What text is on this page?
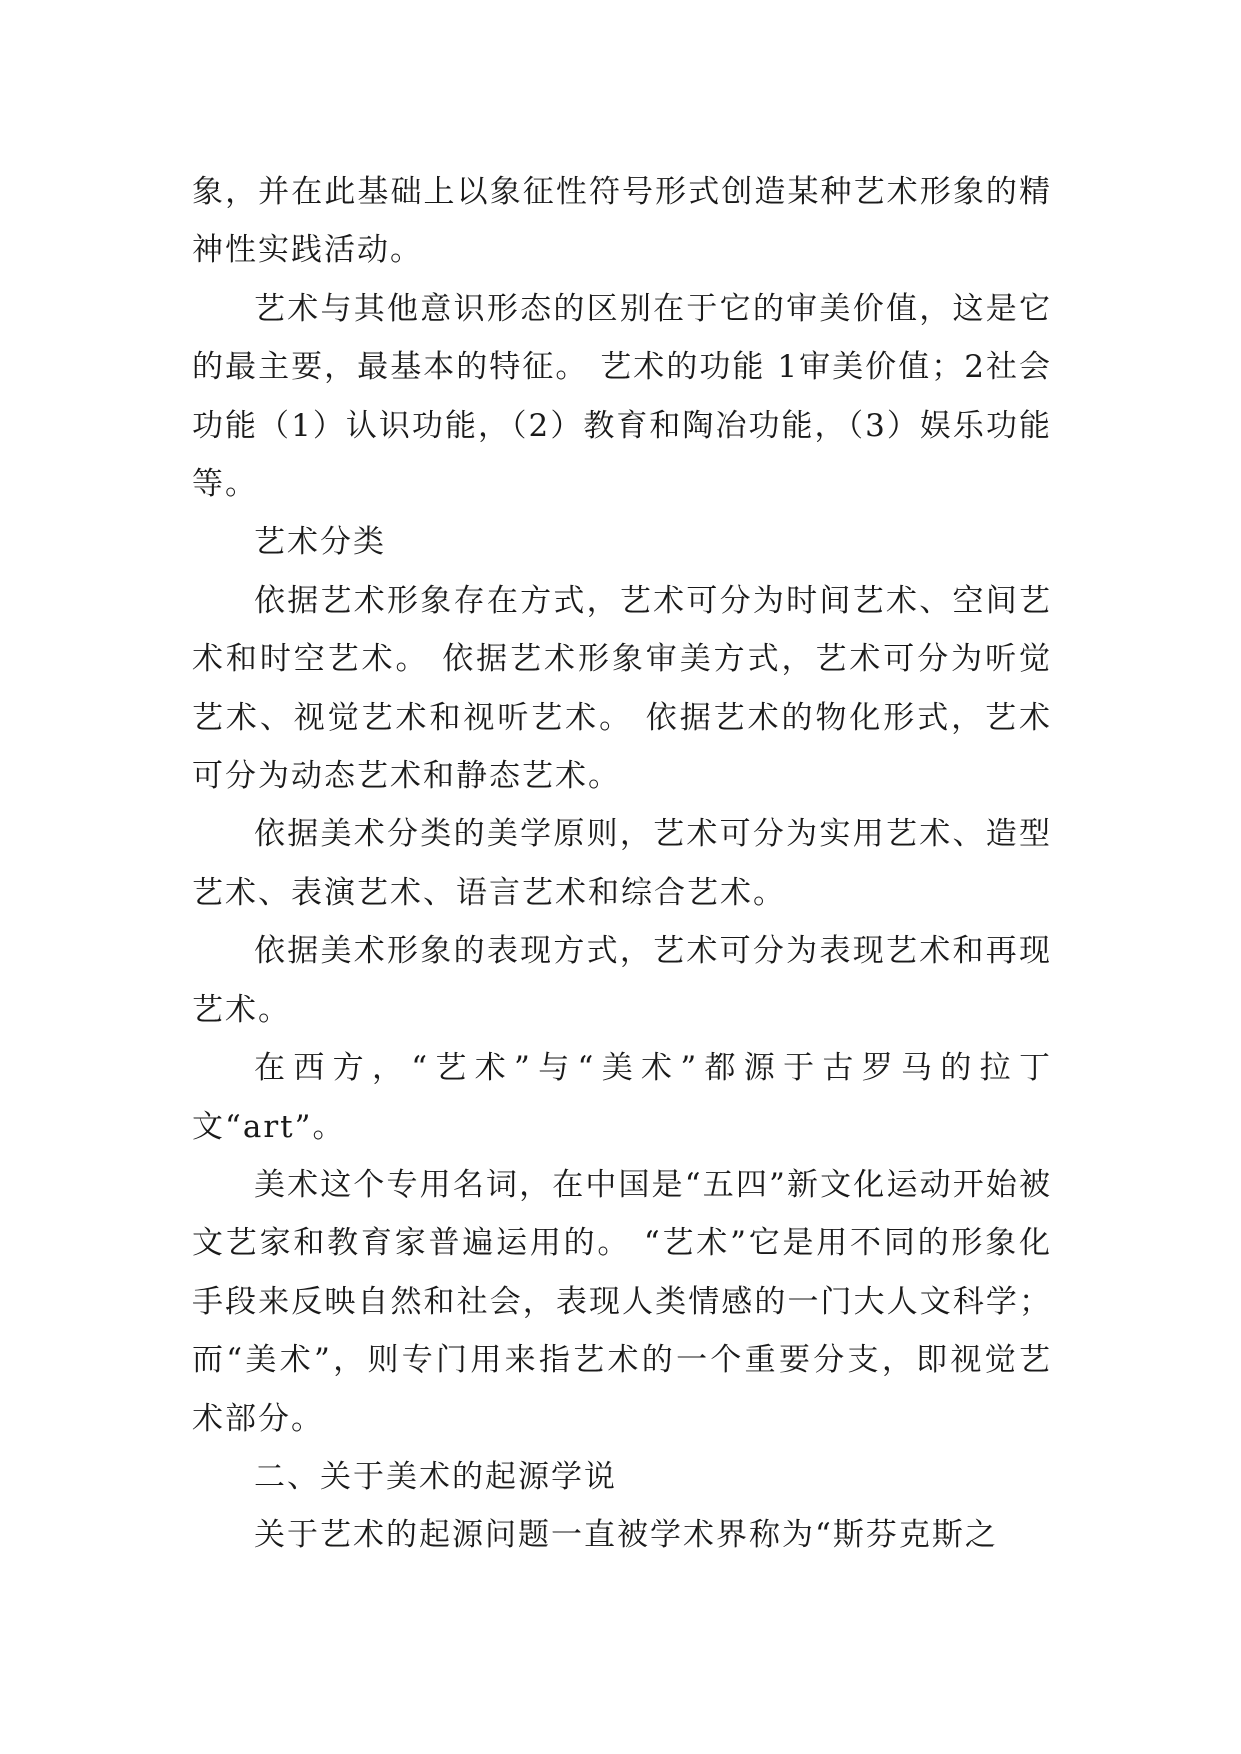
象，并在此基础上以象征性符号形式创造某种艺术形象的精神性实践活动。

艺术与其他意识形态的区别在于它的审美价值，这是它的最主要，最基本的特征。 艺术的功能 1审美价值；2社会功能（1）认识功能，（2）教育和陶冶功能，（3）娱乐功能等。

艺术分类

依据艺术形象存在方式，艺术可分为时间艺术、空间艺术和时空艺术。 依据艺术形象审美方式，艺术可分为听觉艺术、视觉艺术和视听艺术。 依据艺术的物化形式，艺术可分为动态艺术和静态艺术。

依据美术分类的美学原则，艺术可分为实用艺术、造型艺术、表演艺术、语言艺术和综合艺术。

依据美术形象的表现方式，艺术可分为表现艺术和再现艺术。

在西方，“艺术”与“美术”都源于古罗马的拉丁文“art”。

美术这个专用名词，在中国是“五四”新文化运动开始被文艺家和教育家普遍运用的。 “艺术”它是用不同的形象化手段来反映自然和社会，表现人类情感的一门大人文科学；而“美术”，则专门用来指艺术的一个重要分支，即视觉艺术部分。

二、关于美术的起源学说

关于艺术的起源问题一直被学术界称为“斯芬克斯之
